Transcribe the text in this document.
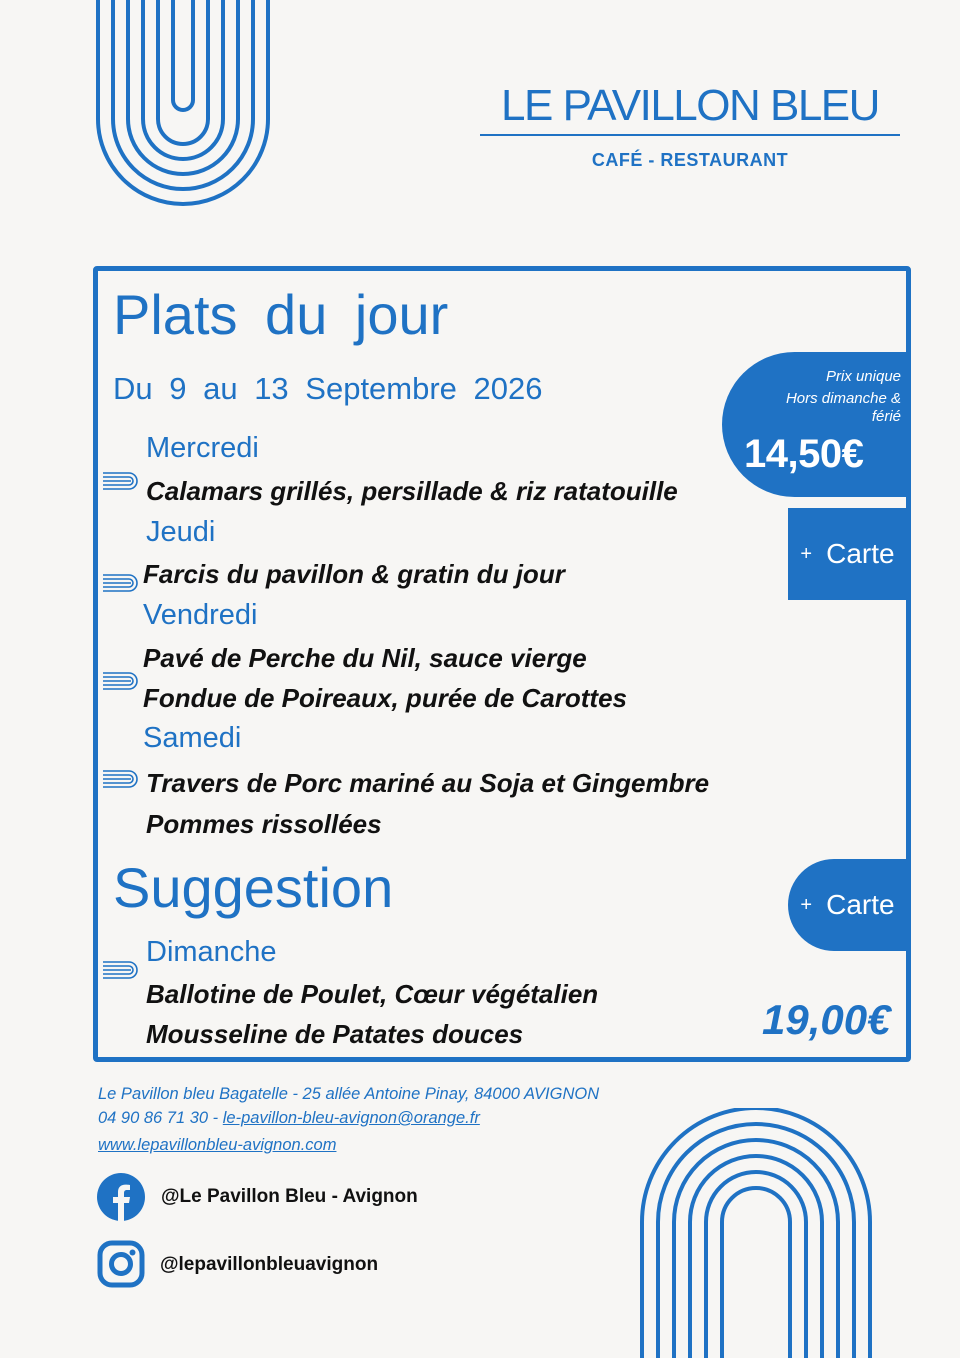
LE PAVILLON BLEU
CAFÉ - RESTAURANT
Plats du jour
Du 9 au 13 Septembre 2026	Prix unique
Hors dimanche &
férié
14,50€
+ Carte
Mercredi
Calamars grillés, persillade & riz ratatouille
Jeudi
Farcis du pavillon & gratin du jour
Vendredi
Pavé de Perche du Nil, sauce vierge
Fondue de Poireaux, purée de Carottes
Samedi
Travers de Porc mariné au Soja et Gingembre
Pommes rissollées
Suggestion	+ Carte
Dimanche
Ballotine de Poulet, Cœur végétalien
Mousseline de Patates douces	19,00€
Le Pavillon bleu Bagatelle - 25 allée Antoine Pinay, 84000 AVIGNON
04 90 86 71 30 - le-pavillon-bleu-avignon@orange.fr
www.lepavillonbleu-avignon.com
@Le Pavillon Bleu - Avignon
@lepavillonbleuavignon
